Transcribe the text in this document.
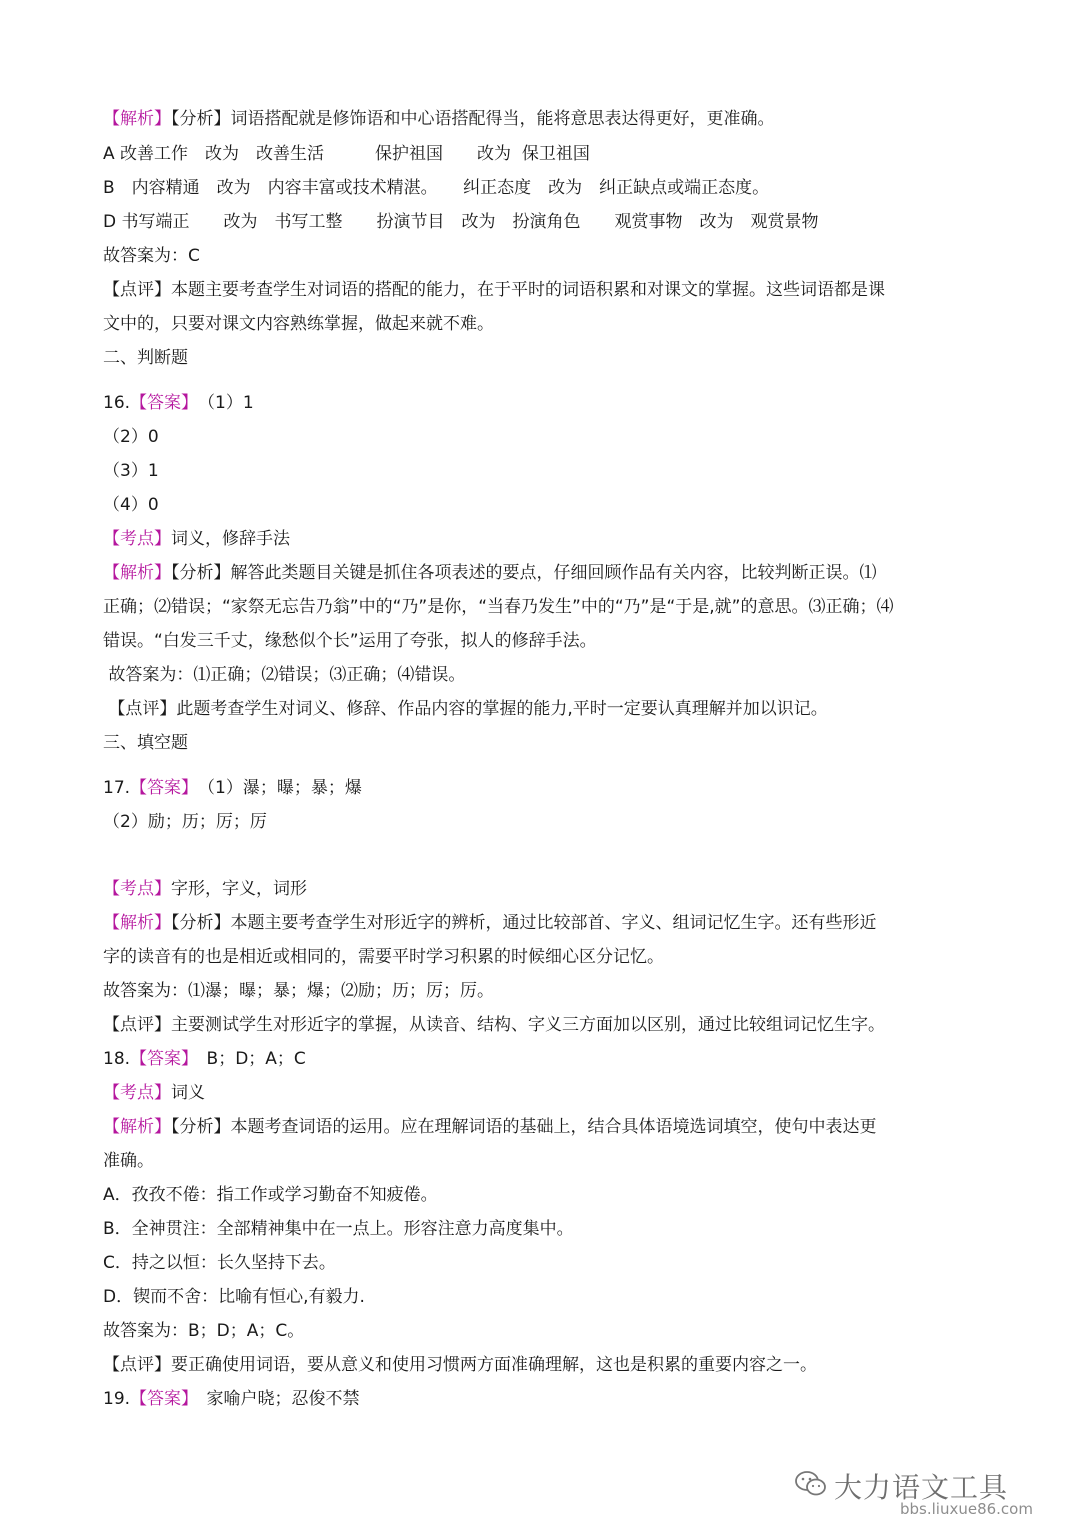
【解析】【分析】词语搭配就是修饰语和中心语搭配得当，能将意思表达得更好，更准确。
A 改善工作　改为　改善生活　　　保护祖国　　改为  保卫祖国
B　内容精通　改为　内容丰富或技术精湛。　　纠正态度　改为　纠正缺点或端正态度。
D 书写端正　　改为　书写工整　　扮演节目　改为　扮演角色　　观赏事物　改为　观赏景物
故答案为：C
【点评】本题主要考查学生对词语的搭配的能力，在于平时的词语积累和对课文的掌握。这些词语都是课
文中的，只要对课文内容熟练掌握，做起来就不难。
二、判断题
16.【答案】　（1）1
（2）0
（3）1
（4）0
【考点】词义，修辞手法
【解析】【分析】解答此类题目关键是抓住各项表述的要点，仔细回顾作品有关内容，比较判断正误。⑴
正确；⑵错误；“家祭无忘告乃翁”中的“乃”是你，“当春乃发生”中的“乃”是“于是,就”的意思。⑶正确；⑷
错误。“白发三千丈，缘愁似个长”运用了夸张，拟人的修辞手法。
故答案为：⑴正确；⑵错误；⑶正确；⑷错误。
【点评】此题考查学生对词义、修辞、作品内容的掌握的能力,平时一定要认真理解并加以识记。
三、填空题
17.【答案】　（1）瀑；曝；暴；爆
（2）励；历；厉；厉
【考点】字形，字义，词形
【解析】【分析】本题主要考查学生对形近字的辨析，通过比较部首、字义、组词记忆生字。还有些形近
字的读音有的也是相近或相同的，需要平时学习积累的时候细心区分记忆。
故答案为：⑴瀑；曝；暴；爆；⑵励；历；厉；厉。
【点评】主要测试学生对形近字的掌握，从读音、结构、字义三方面加以区别，通过比较组词记忆生字。
18.【答案】　B；D；A；C
【考点】词义
【解析】【分析】本题考查词语的运用。应在理解词语的基础上，结合具体语境选词填空，使句中表达更
准确。
A．孜孜不倦：指工作或学习勤奋不知疲倦。
B．全神贯注：全部精神集中在一点上。形容注意力高度集中。
C．持之以恒：长久坚持下去。
D．锲而不舍：比喻有恒心,有毅力.
故答案为：B；D；A；C。
【点评】要正确使用词语，要从意义和使用习惯两方面准确理解，这也是积累的重要内容之一。
19.【答案】　家喻户晓；忍俊不禁
大力语文工具
bbs.liuxue86.com
